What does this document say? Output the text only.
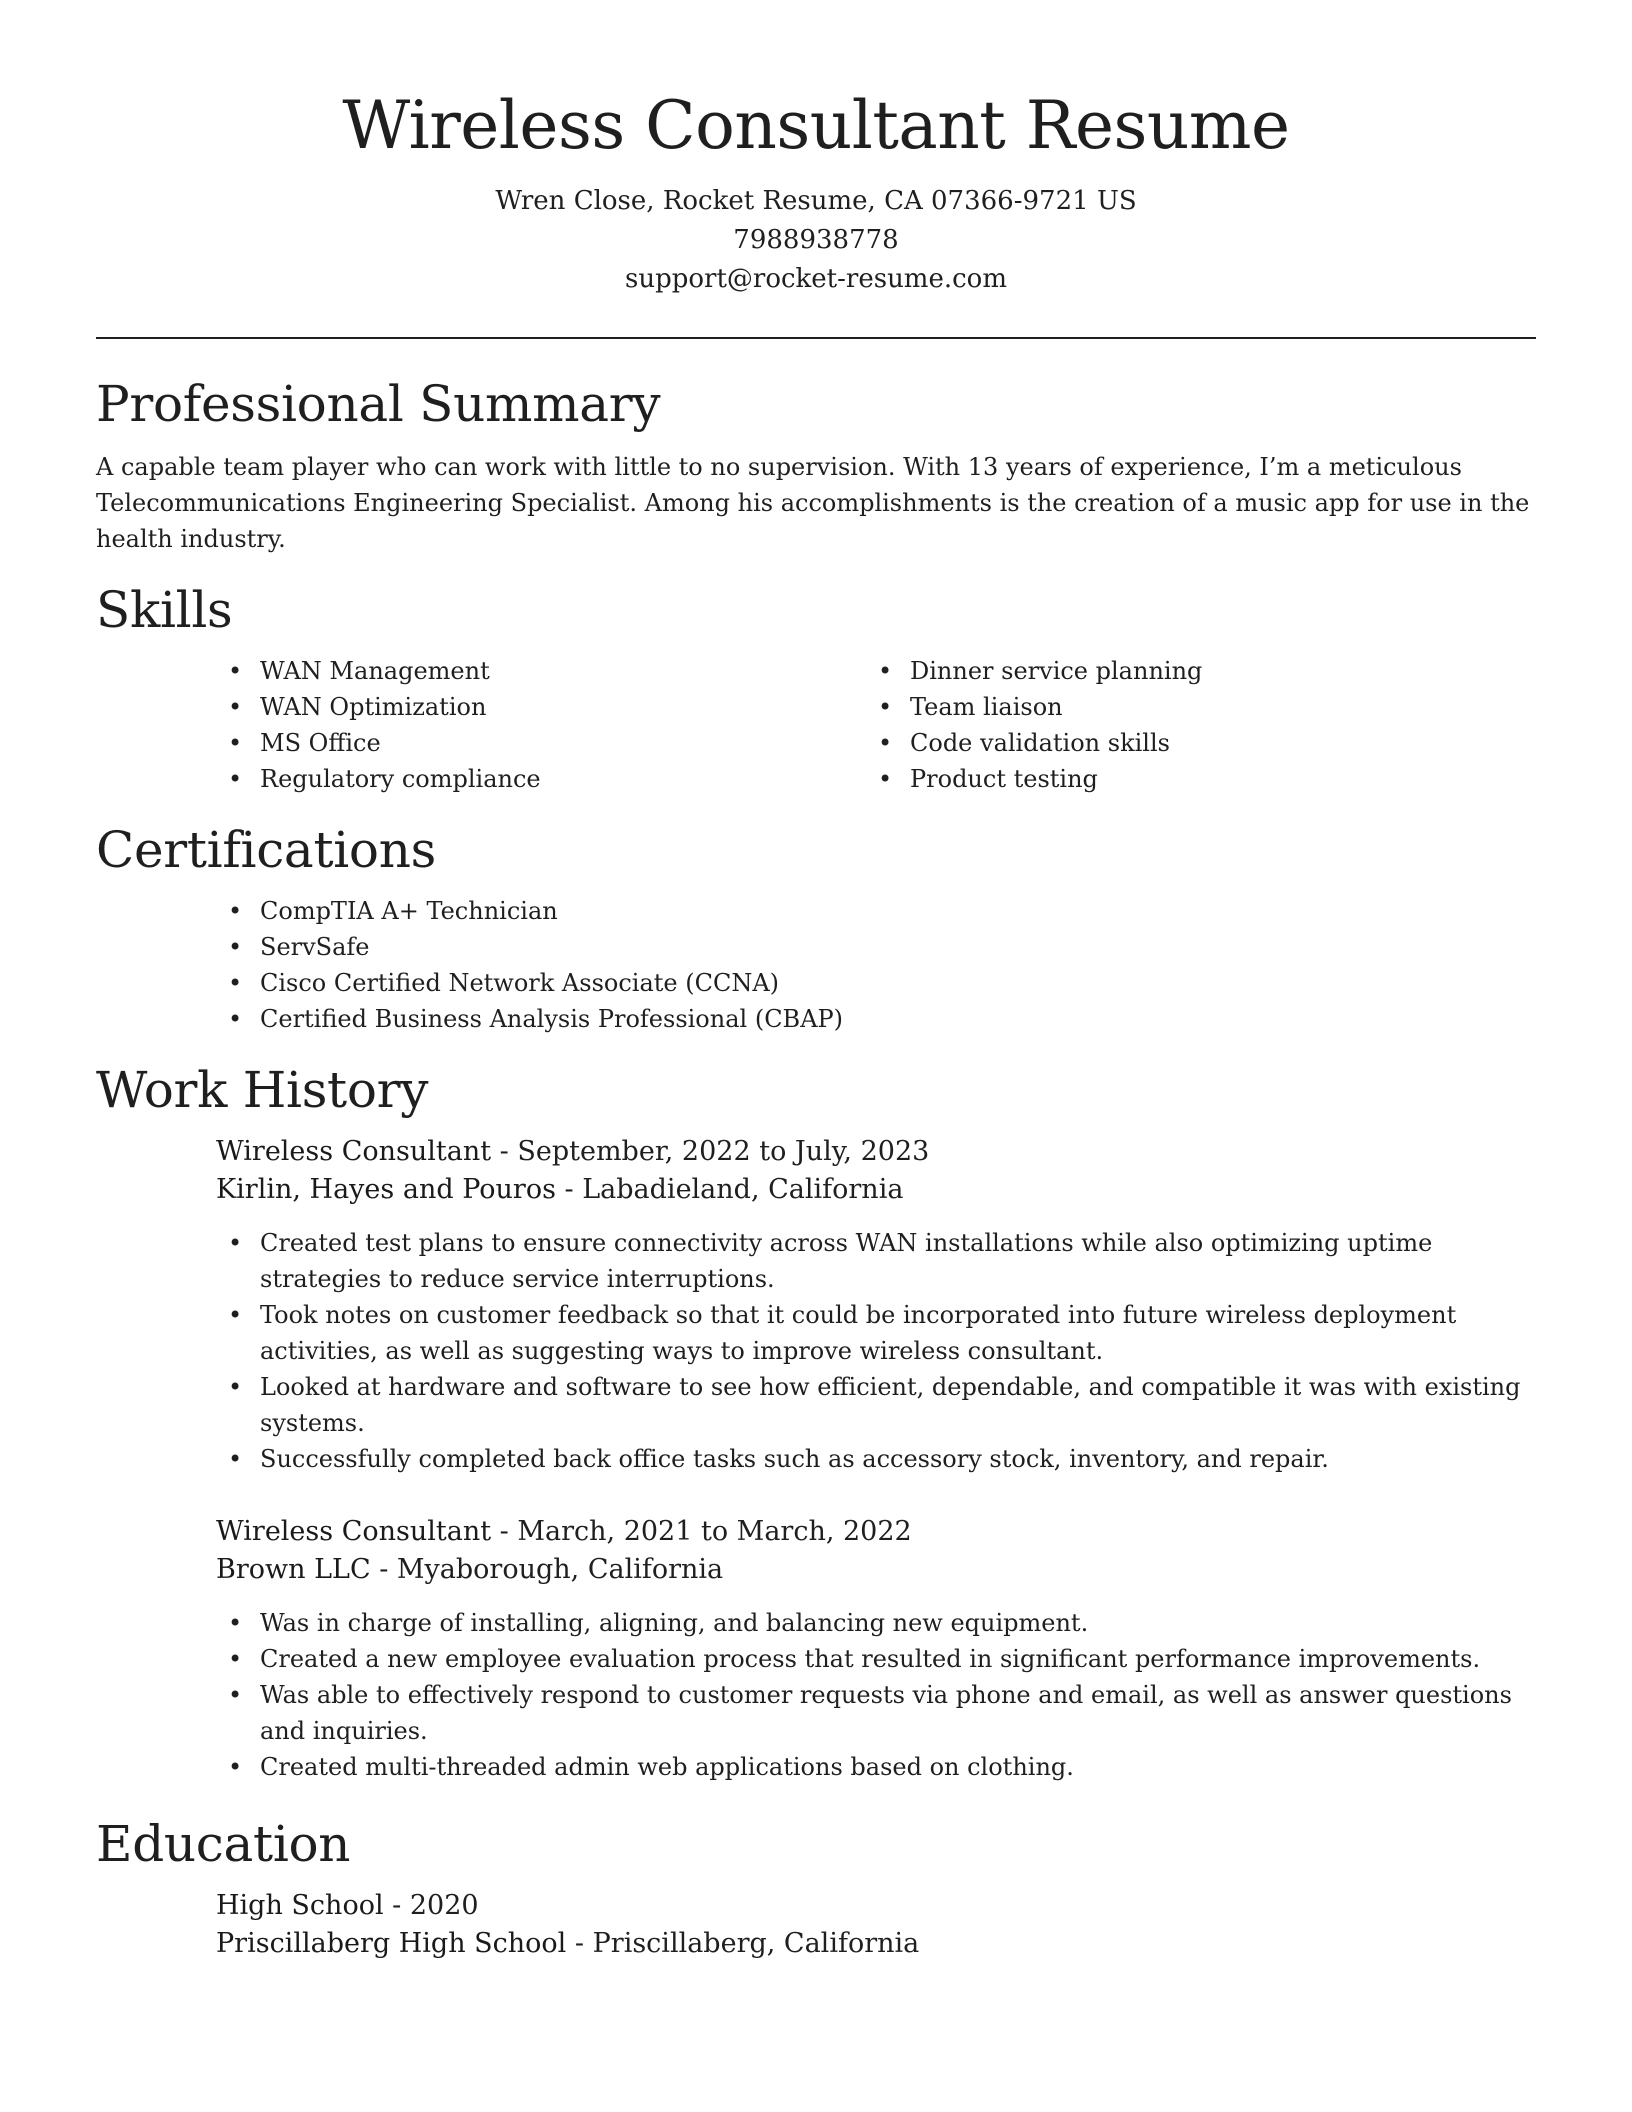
Wireless Consultant Resume
Wren Close, Rocket Resume, CA 07366-9721 US
7988938778
support@rocket-resume.com
Professional Summary

A capable team player who can work with little to no supervision. With 13 years of experience, I’m a meticulous Telecommunications Engineering Specialist. Among his accomplishments is the creation of a music app for use in the health industry.

Skills
• WAN Management
• WAN Optimization
• MS Office
• Regulatory compliance
• Dinner service planning
• Team liaison
• Code validation skills
• Product testing
Certifications
• CompTIA A+ Technician
• ServSafe
• Cisco Certified Network Associate (CCNA)
• Certified Business Analysis Professional (CBAP)
Work History
Wireless Consultant - September, 2022 to July, 2023
Kirlin, Hayes and Pouros - Labadieland, California
• Created test plans to ensure connectivity across WAN installations while also optimizing uptime strategies to reduce service interruptions.
• Took notes on customer feedback so that it could be incorporated into future wireless deployment activities, as well as suggesting ways to improve wireless consultant.
• Looked at hardware and software to see how efficient, dependable, and compatible it was with existing systems.
• Successfully completed back office tasks such as accessory stock, inventory, and repair.
Wireless Consultant - March, 2021 to March, 2022
Brown LLC - Myaborough, California
• Was in charge of installing, aligning, and balancing new equipment.
• Created a new employee evaluation process that resulted in significant performance improvements.
• Was able to effectively respond to customer requests via phone and email, as well as answer questions and inquiries.
• Created multi-threaded admin web applications based on clothing.
Education
High School - 2020
Priscillaberg High School - Priscillaberg, California
